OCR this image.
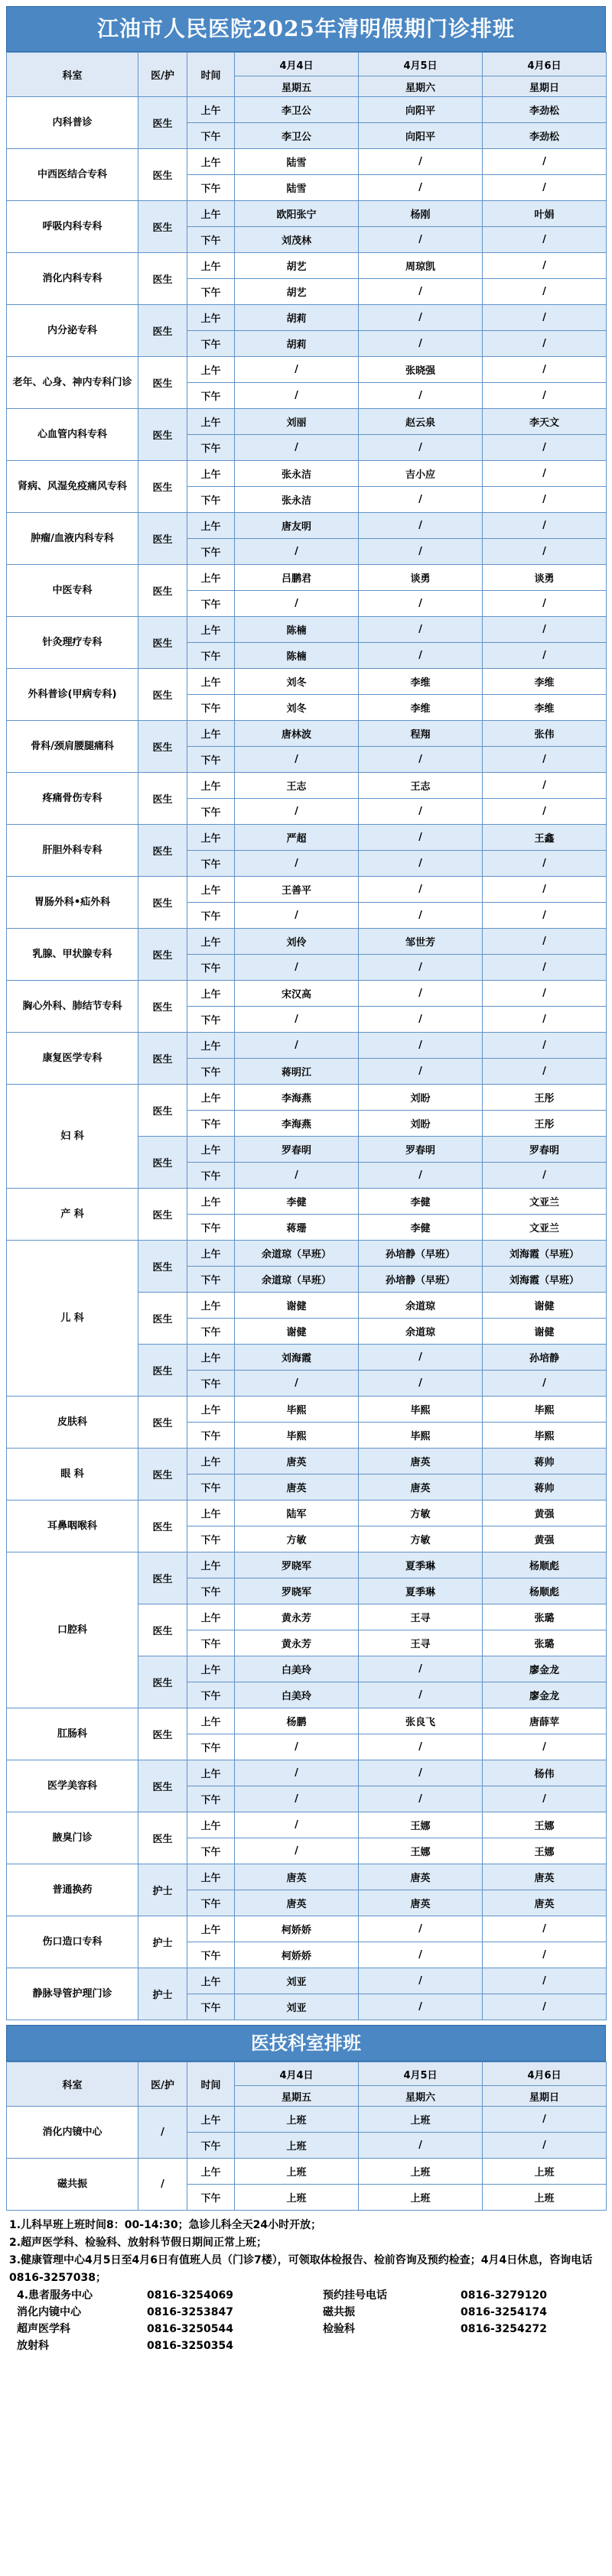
江油市人民医院2025年清明假期门诊排班
科室	医/护	时间	4月4日	4月5日	4月6日
			星期五	星期六	星期日
内科普诊	医生	上午	李卫公	向阳平	李劲松
		下午	李卫公	向阳平	李劲松
中西医结合专科	医生	上午	陆雪	/	/
		下午	陆雪	/	/
呼吸内科专科	医生	上午	欧阳张宁	杨刚	叶娟
		下午	刘茂林	/	/
消化内科专科	医生	上午	胡艺	周琼凯	/
		下午	胡艺	/	/
内分泌专科	医生	上午	胡莉	/	/
		下午	胡莉	/	/
老年、心身、神内专科门诊	医生	上午	/	张晓强	/
		下午	/	/	/
心血管内科专科	医生	上午	刘丽	赵云泉	李天文
		下午	/	/	/
肾病、风湿免疫痛风专科	医生	上午	张永洁	吉小应	/
		下午	张永洁	/	/
肿瘤/血液内科专科	医生	上午	唐友明	/	/
		下午	/	/	/
中医专科	医生	上午	吕鹏君	谈勇	谈勇
		下午	/	/	/
针灸理疗专科	医生	上午	陈楠	/	/
		下午	陈楠	/	/
外科普诊(甲病专科)	医生	上午	刘冬	李维	李维
		下午	刘冬	李维	李维
骨科/颈肩腰腿痛科	医生	上午	唐林波	程翔	张伟
		下午	/	/	/
疼痛骨伤专科	医生	上午	王志	王志	/
		下午	/	/	/
肝胆外科专科	医生	上午	严超	/	王鑫
		下午	/	/	/
胃肠外科•疝外科	医生	上午	王善平	/	/
		下午	/	/	/
乳腺、甲状腺专科	医生	上午	刘伶	邹世芳	/
		下午	/	/	/
胸心外科、肺结节专科	医生	上午	宋汉高	/	/
		下午	/	/	/
康复医学专科	医生	上午	/	/	/
		下午	蒋明江	/	/
妇 科	医生	上午	李海燕	刘盼	王彤
		下午	李海燕	刘盼	王彤
	医生	上午	罗春明	罗春明	罗春明
		下午	/	/	/
产 科	医生	上午	李健	李健	文亚兰
		下午	蒋珊	李健	文亚兰
儿 科	医生	上午	余道琼（早班）	孙培静（早班）	刘海霞（早班）
		下午	余道琼（早班）	孙培静（早班）	刘海霞（早班）
	医生	上午	谢健	余道琼	谢健
		下午	谢健	余道琼	谢健
	医生	上午	刘海霞	/	孙培静
		下午	/	/	/
皮肤科	医生	上午	毕熙	毕熙	毕熙
		下午	毕熙	毕熙	毕熙
眼 科	医生	上午	唐英	唐英	蒋帅
		下午	唐英	唐英	蒋帅
耳鼻咽喉科	医生	上午	陆军	方敏	黄强
		下午	方敏	方敏	黄强
口腔科	医生	上午	罗晓军	夏季琳	杨顺彪
		下午	罗晓军	夏季琳	杨顺彪
	医生	上午	黄永芳	王寻	张璐
		下午	黄永芳	王寻	张璐
	医生	上午	白美玲	/	廖金龙
		下午	白美玲	/	廖金龙
肛肠科	医生	上午	杨鹏	张良飞	唐薛苹
		下午	/	/	/
医学美容科	医生	上午	/	/	杨伟
		下午	/	/	/
腋臭门诊	医生	上午	/	王娜	王娜
		下午	/	王娜	王娜
普通换药	护士	上午	唐英	唐英	唐英
		下午	唐英	唐英	唐英
伤口造口专科	护士	上午	柯娇娇	/	/
		下午	柯娇娇	/	/
静脉导管护理门诊	护士	上午	刘亚	/	/
		下午	刘亚	/	/
医技科室排班
科室	医/护	时间	4月4日	4月5日	4月6日
			星期五	星期六	星期日
消化内镜中心	/	上午	上班	上班	/
		下午	上班	/	/
磁共振	/	上午	上班	上班	上班
		下午	上班	上班	上班

1.儿科早班上班时间8：00-14:30；急诊儿科全天24小时开放；

2.超声医学科、检验科、放射科节假日期间正常上班；

3.健康管理中心4月5日至4月6日有值班人员（门诊7楼），可领取体检报告、检前咨询及预约检查；4月4日休息，咨询电话0816-3257038；

4.患者服务中心	0816-3254069	预约挂号电话	0816-3279120
消化内镜中心	0816-3253847	磁共振	0816-3254174
超声医学科	0816-3250544	检验科	0816-3254272
放射科	0816-3250354
